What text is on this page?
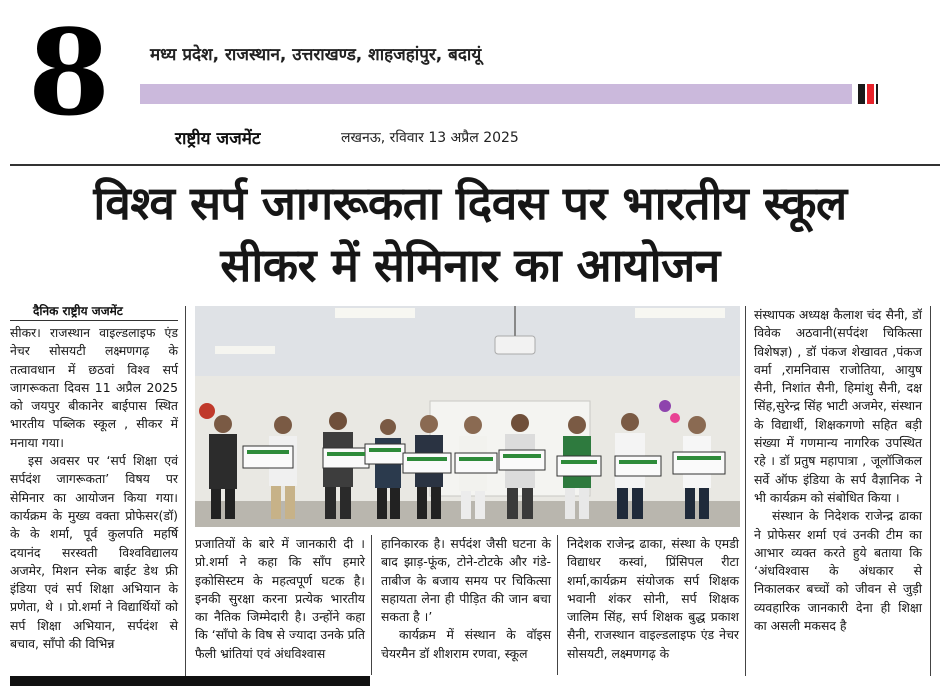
8 मध्य प्रदेश, राजस्थान, उत्तराखण्ड, शाहजहांपुर, बदायूं
राष्ट्रीय जजमेंट	लखनऊ, रविवार 13 अप्रैल 2025
विश्व सर्प जागरूकता दिवस पर भारतीय स्कूल
सीकर में सेमिनार का आयोजन
दैनिक राष्ट्रीय जजमेंट

सीकर। राजस्थान वाइल्डलाइफ एंड नेचर सोसयटी लक्ष्मणगढ़ के तत्वावधान में छठवां विश्व सर्प जागरूकता दिवस 11 अप्रैल 2025 को जयपुर बीकानेर बाईपास स्थित भारतीय पब्लिक स्कूल , सीकर में मनाया गया।

इस अवसर पर ‘सर्प शिक्षा एवं सर्पदंश जागरूकता’ विषय पर सेमिनार का आयोजन किया गया। कार्यक्रम के मुख्य वक्ता प्रोफेसर(डॉ) के के शर्मा, पूर्व कुलपति महर्षि दयानंद सरस्वती विश्वविद्यालय अजमेर, मिशन स्नेक बाईट डेथ फ्री इंडिया एवं सर्प शिक्षा अभियान के प्रणेता, थे । प्रो.शर्मा ने विद्यार्थियों को सर्प शिक्षा अभियान, सर्पदंश से बचाव, साँपो की विभिन्न

प्रजातियों के बारे में जानकारी दी । प्रो.शर्मा ने कहा कि साँप हमारे इकोसिस्टम के महत्वपूर्ण घटक है। इनकी सुरक्षा करना प्रत्येक भारतीय का नैतिक जिम्मेदारी है। उन्होंने कहा कि ‘साँपो के विष से ज्यादा उनके प्रति फैली भ्रांतियां एवं अंधविश्वास

हानिकारक है। सर्पदंश जैसी घटना के बाद झाड़-फूंक, टोने-टोटके और गंडे-ताबीज के बजाय समय पर चिकित्सा सहायता लेना ही पीड़ित की जान बचा सकता है ।’

कार्यक्रम में संस्थान के वॉइस चेयरमैन डॉ शीशराम रणवा, स्कूल

निदेशक राजेन्द्र ढाका, संस्था के एमडी विद्याधर कस्वां, प्रिंसिपल रीटा शर्मा,कार्यक्रम संयोजक सर्प शिक्षक भवानी शंकर सोनी, सर्प शिक्षक जालिम सिंह, सर्प शिक्षक बुद्ध प्रकाश सैनी, राजस्थान वाइल्डलाइफ एंड नेचर सोसयटी, लक्ष्मणगढ़ के

संस्थापक अध्यक्ष कैलाश चंद सैनी, डॉ विवेक अठवानी(सर्पदंश चिकित्सा विशेषज्ञ) , डॉ पंकज शेखावत ,पंकज वर्मा ,रामनिवास राजोतिया, आयुष सैनी, निशांत सैनी, हिमांशु सैनी, दक्ष सिंह,सुरेन्द्र सिंह भाटी अजमेर, संस्थान के विद्यार्थी, शिक्षकगणो सहित बड़ी संख्या में गणमान्य नागरिक उपस्थित रहे । डॉ प्रतुष महापात्रा , जूलॉजिकल सर्वे ऑफ इंडिया के सर्प वैज्ञानिक ने भी कार्यक्रम को संबोधित किया ।

संस्थान के निदेशक राजेन्द्र ढाका ने प्रोफेसर शर्मा एवं उनकी टीम का आभार व्यक्त करते हुये बताया कि ‘अंधविश्वास के अंधकार से निकालकर बच्चों को जीवन से जुड़ी व्यवहारिक जानकारी देना ही शिक्षा का असली मकसद है
